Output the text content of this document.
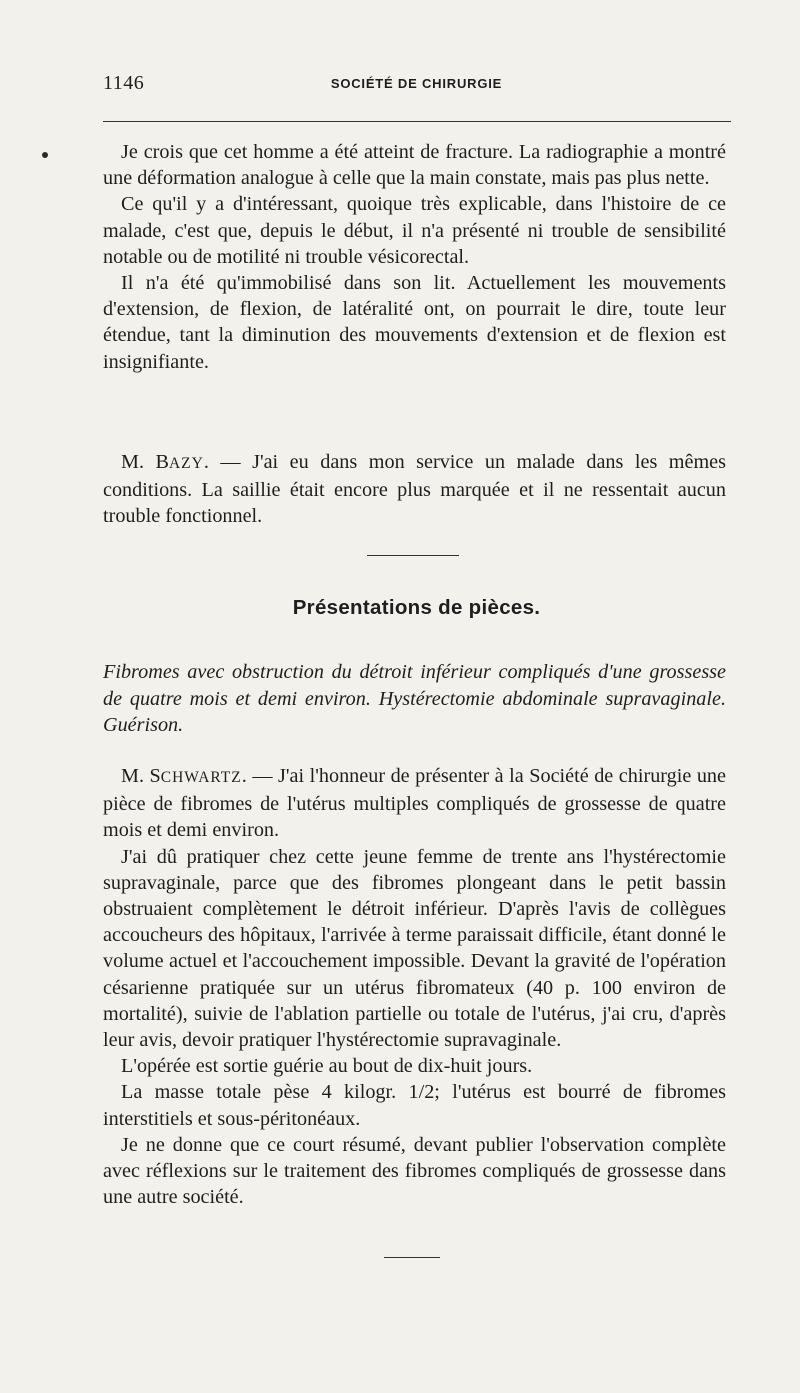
1146	SOCIÉTÉ DE CHIRURGIE

Je crois que cet homme a été atteint de fracture. La radiographie a montré une déformation analogue à celle que la main constate, mais pas plus nette.

Ce qu'il y a d'intéressant, quoique très explicable, dans l'histoire de ce malade, c'est que, depuis le début, il n'a présenté ni trouble de sensibilité notable ou de motilité ni trouble vésicorectal.

Il n'a été qu'immobilisé dans son lit. Actuellement les mouvements d'extension, de flexion, de latéralité ont, on pourrait le dire, toute leur étendue, tant la diminution des mouvements d'extension et de flexion est insignifiante.

M. BAZY. — J'ai eu dans mon service un malade dans les mêmes conditions. La saillie était encore plus marquée et il ne ressentait aucun trouble fonctionnel.

Présentations de pièces.

Fibromes avec obstruction du détroit inférieur compliqués d'une grossesse de quatre mois et demi environ. Hystérectomie abdominale supravaginale. Guérison.

M. SCHWARTZ. — J'ai l'honneur de présenter à la Société de chirurgie une pièce de fibromes de l'utérus multiples compliqués de grossesse de quatre mois et demi environ.

J'ai dû pratiquer chez cette jeune femme de trente ans l'hystérectomie supravaginale, parce que des fibromes plongeant dans le petit bassin obstruaient complètement le détroit inférieur. D'après l'avis de collègues accoucheurs des hôpitaux, l'arrivée à terme paraissait difficile, étant donné le volume actuel et l'accouchement impossible. Devant la gravité de l'opération césarienne pratiquée sur un utérus fibromateux (40 p. 100 environ de mortalité), suivie de l'ablation partielle ou totale de l'utérus, j'ai cru, d'après leur avis, devoir pratiquer l'hystérectomie supravaginale.

L'opérée est sortie guérie au bout de dix-huit jours.

La masse totale pèse 4 kilogr. 1/2; l'utérus est bourré de fibromes interstitiels et sous-péritonéaux.

Je ne donne que ce court résumé, devant publier l'observation complète avec réflexions sur le traitement des fibromes compliqués de grossesse dans une autre société.
